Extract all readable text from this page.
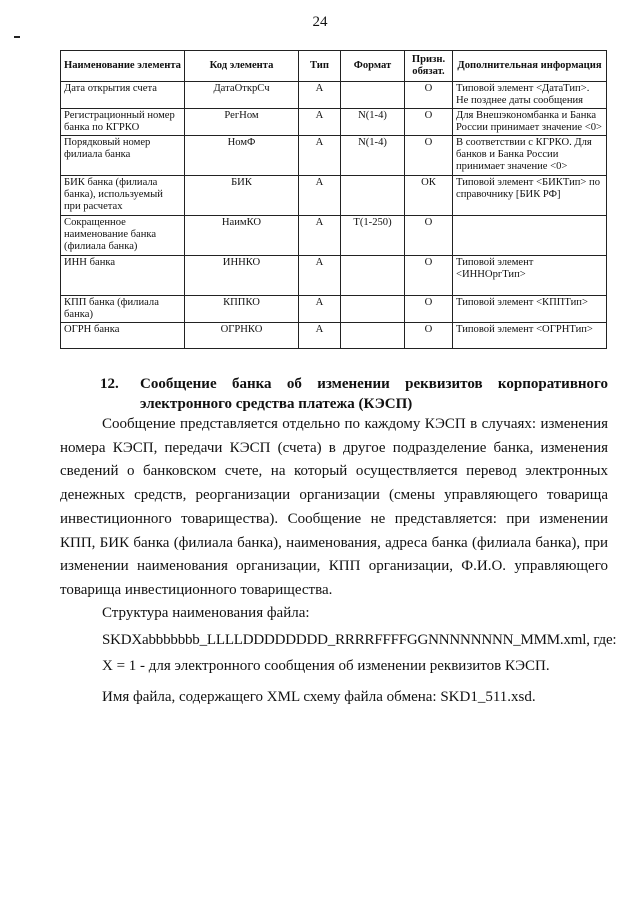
24
Наименование элемента	Код элемента	Тип	Формат	Призн. обязат.	Дополнительная информация
Дата открытия счета	ДатаОткрСч	А		О	Типовой элемент <ДатаТип>. Не позднее даты сообщения
Регистрационный номер банка по КГРКО	РегНом	А	N(1-4)	О	Для Внешэкономбанка и Банка России принимает значение <0>
Порядковый номер филиала банка	НомФ	А	N(1-4)	О	В соответствии с КГРКО. Для банков и Банка России принимает значение <0>
БИК банка (филиала банка), используемый при расчетах	БИК	А		ОК	Типовой элемент <БИКТип> по справочнику [БИК РФ]
Сокращенное наименование банка (филиала банка)	НаимКО	А	Т(1-250)	О	
ИНН банка	ИННКО	А		О	Типовой элемент <ИННОргТип>
КПП банка (филиала банка)	КППКО	А		О	Типовой элемент <КППТип>
ОГРН банка	ОГРНКО	А		О	Типовой элемент <ОГРНТип>
12. Сообщение банка об изменении реквизитов корпоративного электронного средства платежа (КЭСП)
Сообщение представляется отдельно по каждому КЭСП в случаях: изменения номера КЭСП, передачи КЭСП (счета) в другое подразделение банка, изменения сведений о банковском счете, на который осуществляется перевод электронных денежных средств, реорганизации организации (смены управляющего товарища инвестиционного товарищества). Сообщение не представляется: при изменении КПП, БИК банка (филиала банка), наименования, адреса банка (филиала банка), при изменении наименования организации, КПП организации, Ф.И.О. управляющего товарища инвестиционного товарищества.
Структура наименования файла:
SKDXabbbbbbb_LLLLDDDDDDDD_RRRRFFFFGGNNNNNNNN_MMM.xml, где:
X = 1 - для электронного сообщения об изменении реквизитов КЭСП.
Имя файла, содержащего XML схему файла обмена: SKD1_511.xsd.
